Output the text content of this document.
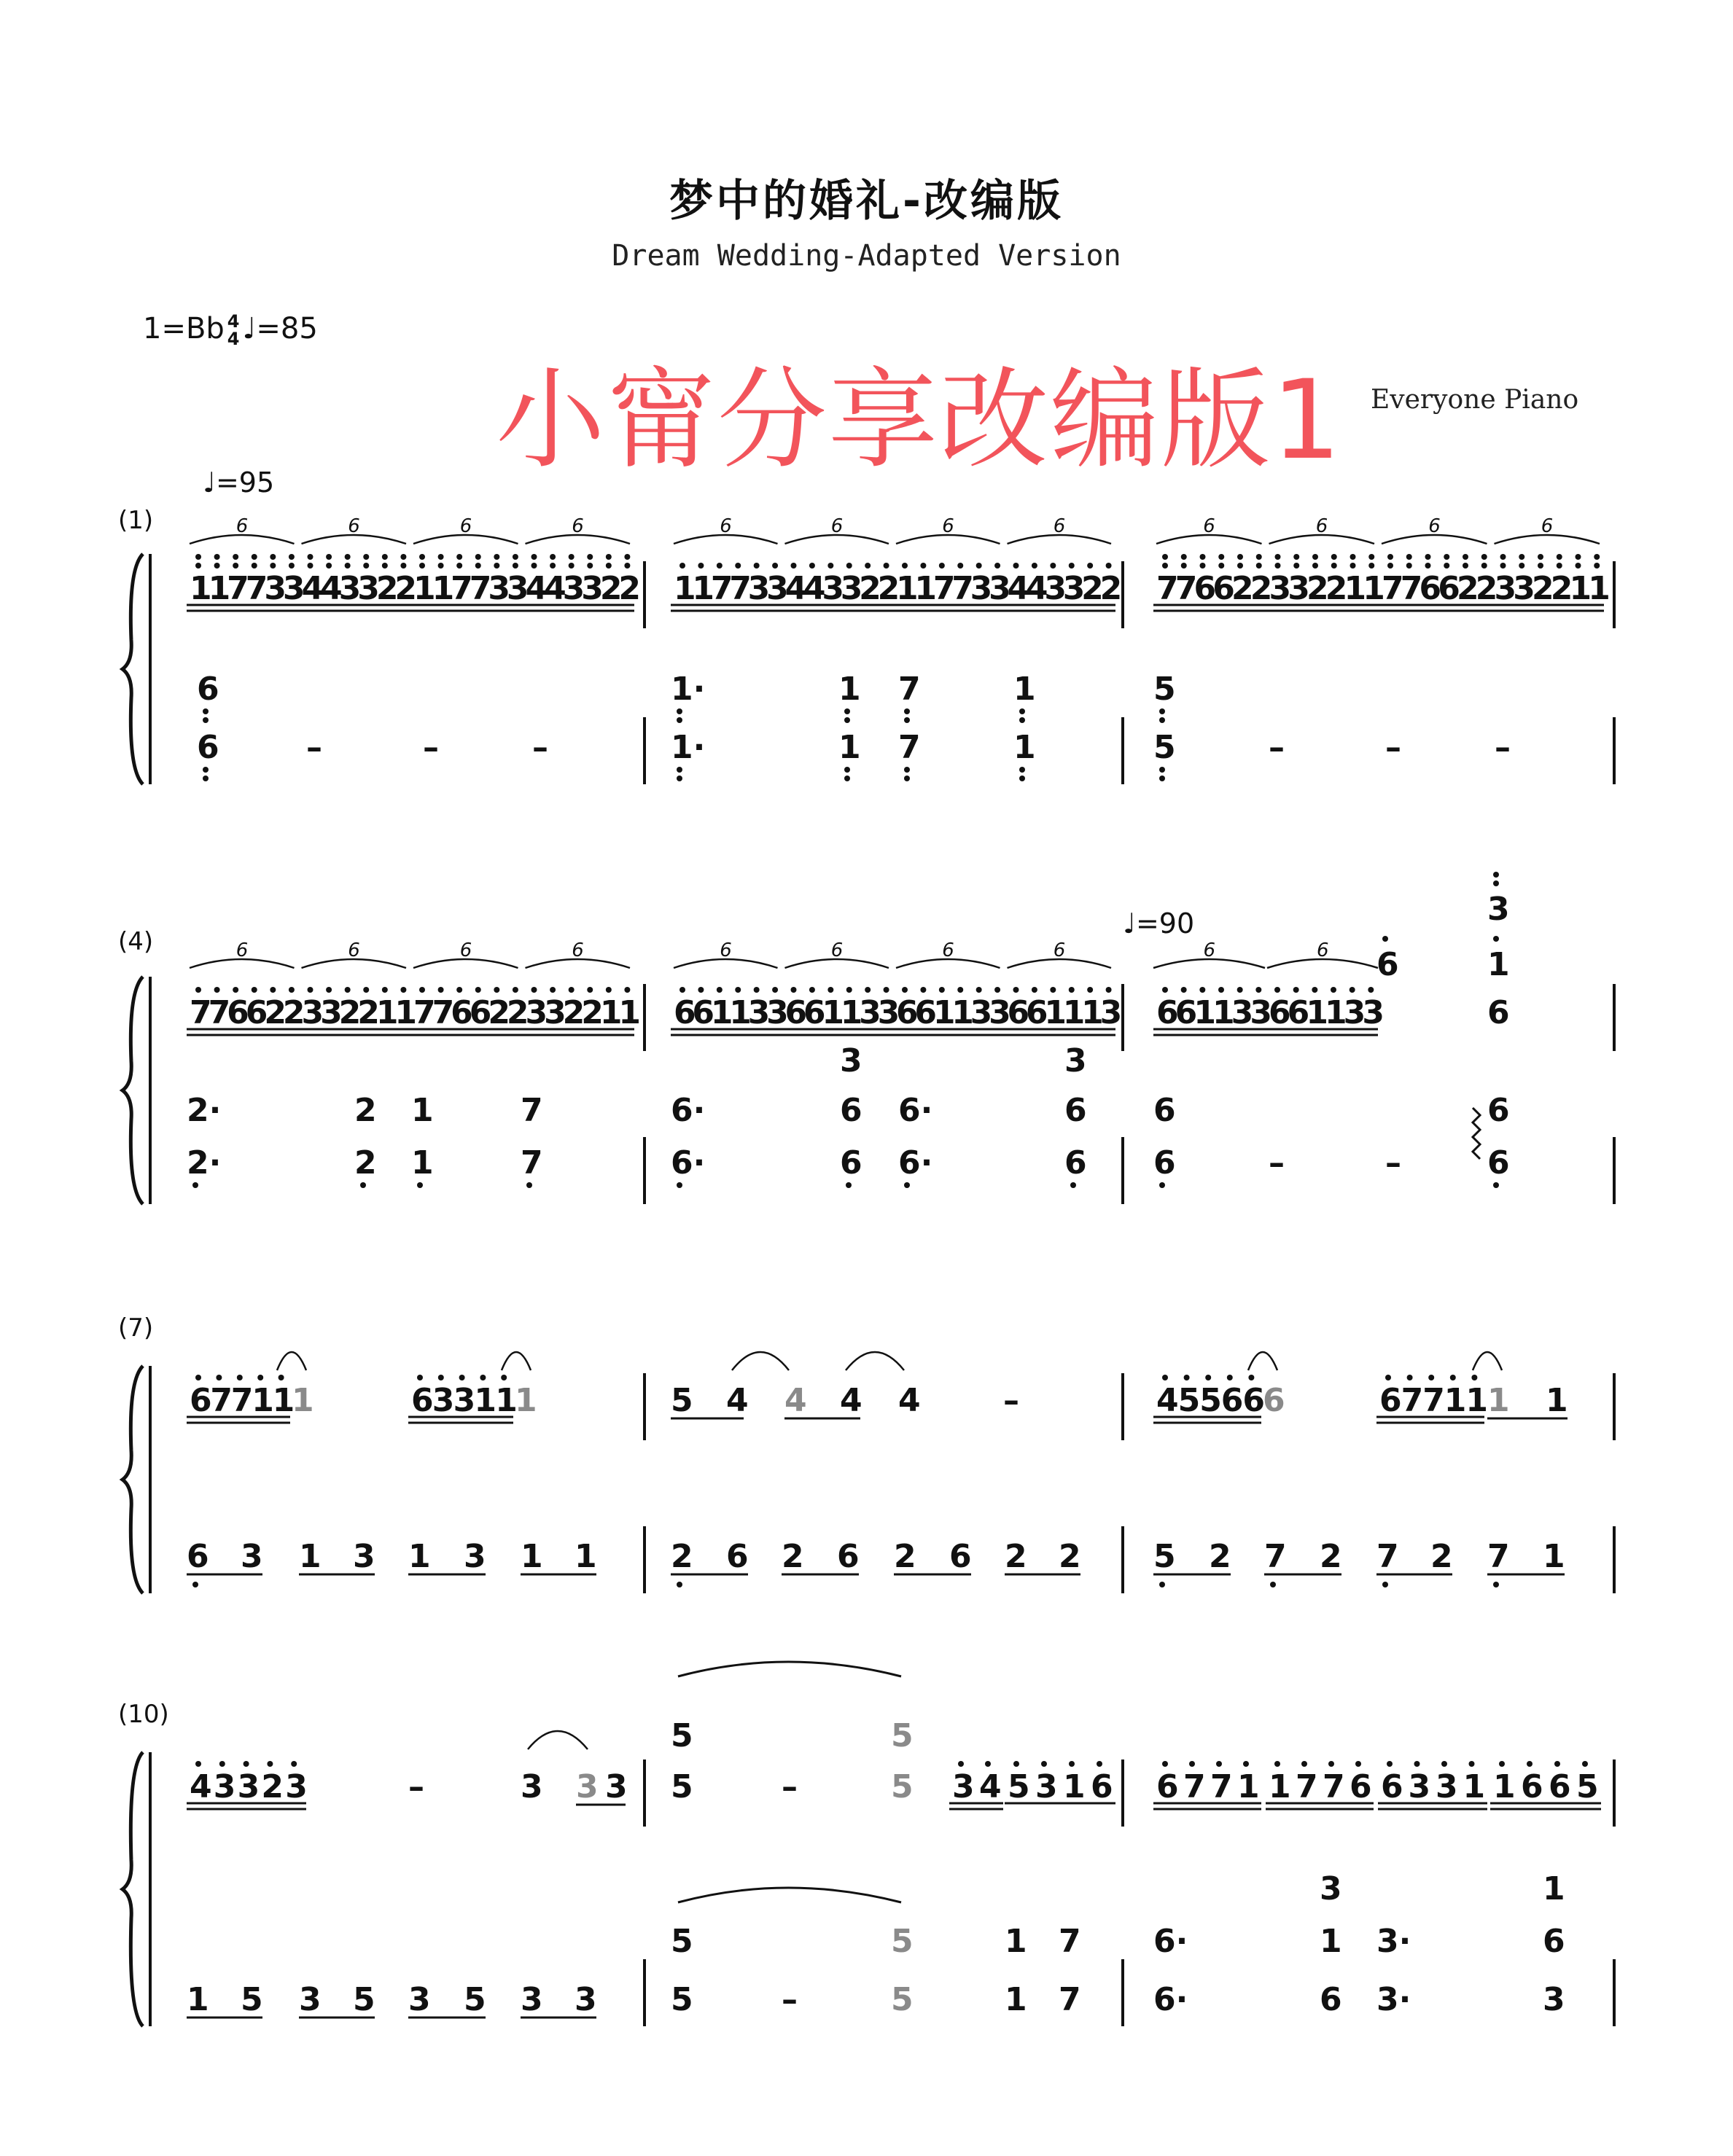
梦中的婚礼-改编版
Dream Wedding-Adapted Version
1=Bb 4
4 ♩=85
小甯分享改编版1 Everyone Piano
♩=95
♩=90
(1)
(4)
(7)
(10)
1
1
7
7
3
3
4
4
3
3
2
2
1
1
7
7
3
3
4
4
3
3
2
2
6	6	6	6
1
1
7
7
3
3
4
4
3
3
2
2
1
1
7
7
3
3
4
4
3
3
2
2
6	6	6	6
7
7
6
6
2
2
3
3
2
2
1
1
7
7
6
6
2
2
3
3
2
2
1
1
6	6	6	6
6
6	–	–	–
1·
1·
1
1
7
7
1
1
5
5	–	–	–
7
7
6
6
2
2
3
3
2
2
1
1
7
7
6
6
2
2
3
3
2
2
1
1 6
6
1
1
3
3
6
6
1
1
3
3
6
6
1
1
3
3
6
6
1
1
1
3 6
6
1
1
3
3
6
6
1
1
3
3
6	6	6	6	6	6	6	6	6	6 6
6
1
3
2·
2·
2
2
1
1
7
7
6·
6·
6
6
6·
6·
6
6
6
6	–	–
6
6
3	3
6
7
7
1
1
1	6
3
3
1
1
1	5 4 4 4 4	–	4
5
5
6
6
6	6
7
7
1
1
1 1
6 3 1 3 1 3 1 1 2 6 2 6 2 6 2 2 5 2 7 2 7 2 7 1
4 3 3 2 3	–	3 3 3 5
5
–	5
5
3 4 5 3 1 6 6 7 7 1 1 7 7 6 6 3 3 1 1 6 6 5
5	5	1 7 6·	1 3·	6
3	1
1 5 3 5 3 5 3 3 5	–	5	1 7 6·	6 3·	3
